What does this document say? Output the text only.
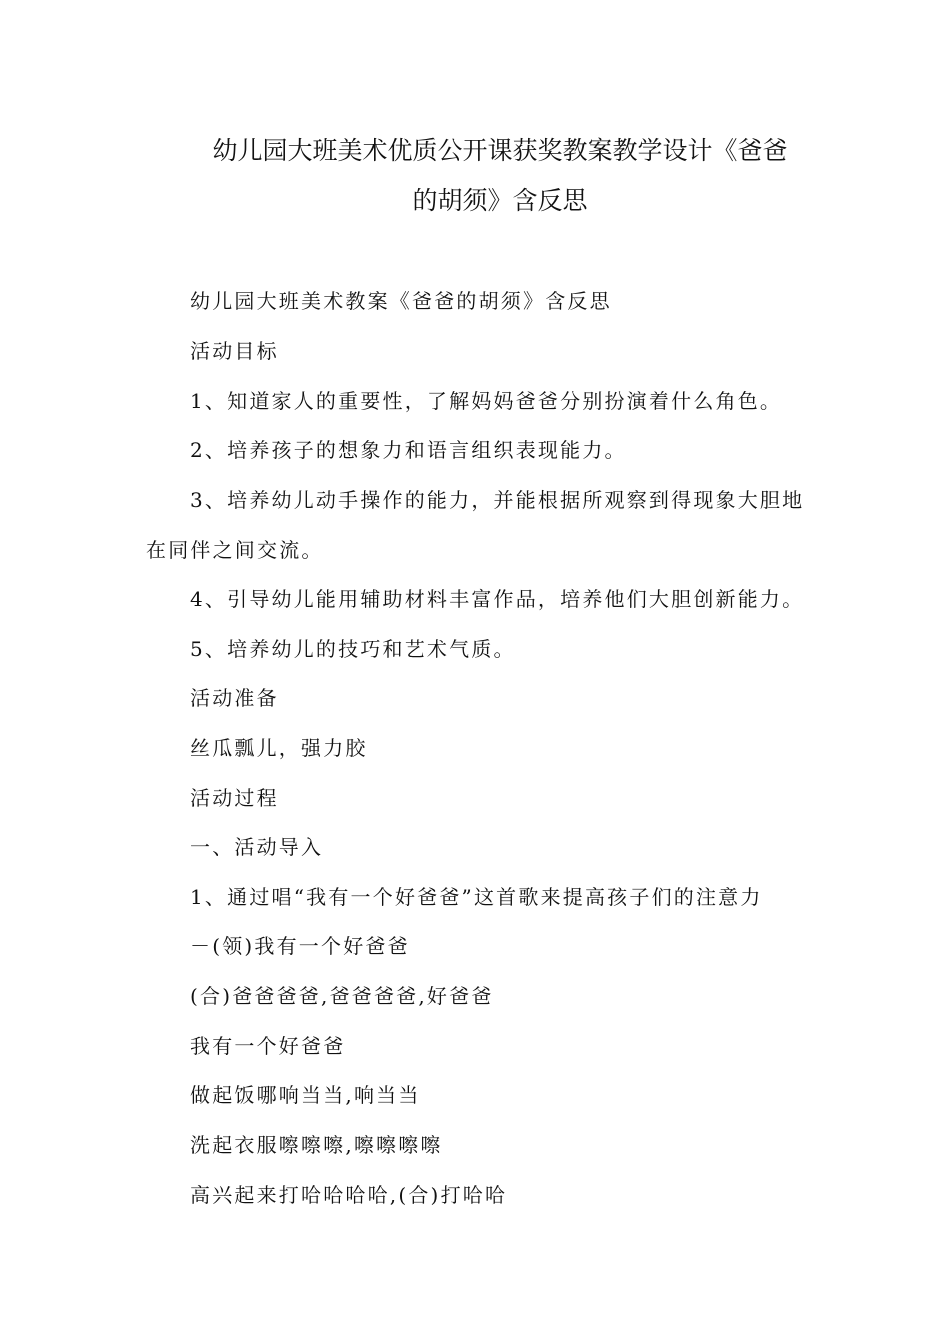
幼儿园大班美术优质公开课获奖教案教学设计《爸爸
的胡须》含反思

幼儿园大班美术教案《爸爸的胡须》含反思

活动目标

1、知道家人的重要性，了解妈妈爸爸分别扮演着什么角色。

2、培养孩子的想象力和语言组织表现能力。

3、培养幼儿动手操作的能力，并能根据所观察到得现象大胆地

在同伴之间交流。

4、引导幼儿能用辅助材料丰富作品，培养他们大胆创新能力。

5、培养幼儿的技巧和艺术气质。

活动准备

丝瓜瓢儿，强力胶

活动过程

一、活动导入

1、通过唱“我有一个好爸爸”这首歌来提高孩子们的注意力

－(领)我有一个好爸爸

(合)爸爸爸爸,爸爸爸爸,好爸爸

我有一个好爸爸

做起饭哪响当当,响当当

洗起衣服嚓嚓嚓,嚓嚓嚓嚓

高兴起来打哈哈哈哈,(合)打哈哈
